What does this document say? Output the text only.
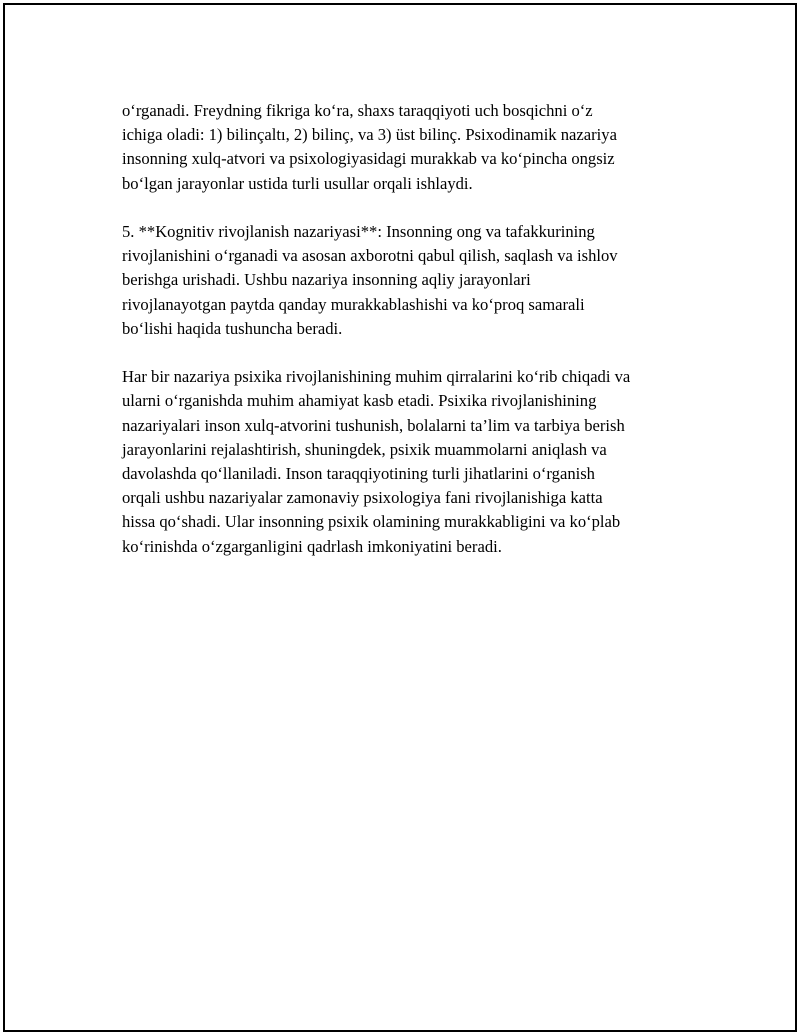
o‘rganadi. Freydning fikriga ko‘ra, shaxs taraqqiyoti uch bosqichni o‘z
ichiga oladi: 1) bilinçaltı, 2) bilinç, va 3) üst bilinç. Psixodinamik nazariya
insonning xulq-atvori va psixologiyasidagi murakkab va ko‘pincha ongsiz
bo‘lgan jarayonlar ustida turli usullar orqali ishlaydi.

5. **Kognitiv rivojlanish nazariyasi**: Insonning ong va tafakkurining
rivojlanishini o‘rganadi va asosan axborotni qabul qilish, saqlash va ishlov
berishga urishadi. Ushbu nazariya insonning aqliy jarayonlari
rivojlanayotgan paytda qanday murakkablashishi va ko‘proq samarali
bo‘lishi haqida tushuncha beradi.

Har bir nazariya psixika rivojlanishining muhim qirralarini ko‘rib chiqadi va
ularni o‘rganishda muhim ahamiyat kasb etadi. Psixika rivojlanishining
nazariyalari inson xulq-atvorini tushunish, bolalarni ta’lim va tarbiya berish
jarayonlarini rejalashtirish, shuningdek, psixik muammolarni aniqlash va
davolashda qo‘llaniladi. Inson taraqqiyotining turli jihatlarini o‘rganish
orqali ushbu nazariyalar zamonaviy psixologiya fani rivojlanishiga katta
hissa qo‘shadi. Ular insonning psixik olamining murakkabligini va ko‘plab
ko‘rinishda o‘zgarganligini qadrlash imkoniyatini beradi.
